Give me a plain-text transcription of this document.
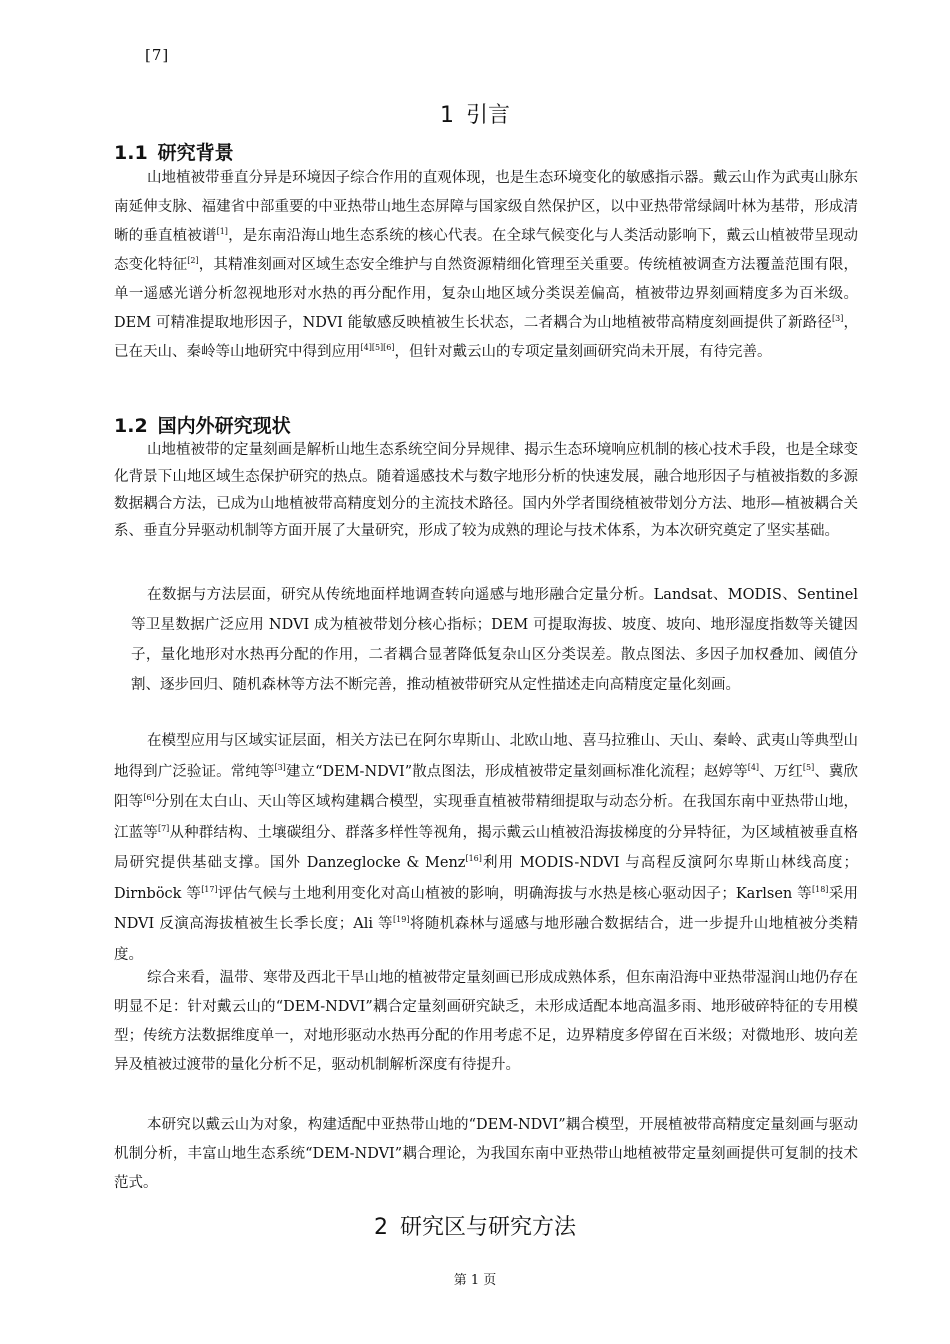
[7]
1 引言
1.1 研究背景

山地植被带垂直分异是环境因子综合作用的直观体现，也是生态环境变化的敏感指示器。戴云山作为武夷山脉东南延伸支脉、福建省中部重要的中亚热带山地生态屏障与国家级自然保护区，以中亚热带常绿阔叶林为基带，形成清晰的垂直植被谱[1]，是东南沿海山地生态系统的核心代表。在全球气候变化与人类活动影响下，戴云山植被带呈现动态变化特征[2]，其精准刻画对区域生态安全维护与自然资源精细化管理至关重要。传统植被调查方法覆盖范围有限，单一遥感光谱分析忽视地形对水热的再分配作用，复杂山地区域分类误差偏高，植被带边界刻画精度多为百米级。DEM 可精准提取地形因子，NDVI 能敏感反映植被生长状态，二者耦合为山地植被带高精度刻画提供了新路径[3]，已在天山、秦岭等山地研究中得到应用[4][5][6]，但针对戴云山的专项定量刻画研究尚未开展，有待完善。

1.2 国内外研究现状

山地植被带的定量刻画是解析山地生态系统空间分异规律、揭示生态环境响应机制的核心技术手段，也是全球变化背景下山地区域生态保护研究的热点。随着遥感技术与数字地形分析的快速发展，融合地形因子与植被指数的多源数据耦合方法，已成为山地植被带高精度划分的主流技术路径。国内外学者围绕植被带划分方法、地形—植被耦合关系、垂直分异驱动机制等方面开展了大量研究，形成了较为成熟的理论与技术体系，为本次研究奠定了坚实基础。

在数据与方法层面，研究从传统地面样地调查转向遥感与地形融合定量分析。Landsat、MODIS、Sentinel 等卫星数据广泛应用 NDVI 成为植被带划分核心指标；DEM 可提取海拔、坡度、坡向、地形湿度指数等关键因子，量化地形对水热再分配的作用，二者耦合显著降低复杂山区分类误差。散点图法、多因子加权叠加、阈值分割、逐步回归、随机森林等方法不断完善，推动植被带研究从定性描述走向高精度定量化刻画。

在模型应用与区域实证层面，相关方法已在阿尔卑斯山、北欧山地、喜马拉雅山、天山、秦岭、武夷山等典型山地得到广泛验证。常纯等[3]建立“DEM-NDVI”散点图法，形成植被带定量刻画标准化流程；赵婷等[4]、万红[5]、冀欣阳等[6]分别在太白山、天山等区域构建耦合模型，实现垂直植被带精细提取与动态分析。在我国东南中亚热带山地，江蓝等[7]从种群结构、土壤碳组分、群落多样性等视角，揭示戴云山植被沿海拔梯度的分异特征，为区域植被垂直格局研究提供基础支撑。国外 Danzeglocke & Menz[16]利用 MODIS-NDVI 与高程反演阿尔卑斯山林线高度；Dirnböck 等[17]评估气候与土地利用变化对高山植被的影响，明确海拔与水热是核心驱动因子；Karlsen 等[18]采用 NDVI 反演高海拔植被生长季长度；Ali 等[19]将随机森林与遥感与地形融合数据结合，进一步提升山地植被分类精度。

综合来看，温带、寒带及西北干旱山地的植被带定量刻画已形成成熟体系，但东南沿海中亚热带湿润山地仍存在明显不足：针对戴云山的“DEM-NDVI”耦合定量刻画研究缺乏，未形成适配本地高温多雨、地形破碎特征的专用模型；传统方法数据维度单一，对地形驱动水热再分配的作用考虑不足，边界精度多停留在百米级；对微地形、坡向差异及植被过渡带的量化分析不足，驱动机制解析深度有待提升。

本研究以戴云山为对象，构建适配中亚热带山地的“DEM-NDVI”耦合模型，开展植被带高精度定量刻画与驱动机制分析，丰富山地生态系统“DEM-NDVI”耦合理论，为我国东南中亚热带山地植被带定量刻画提供可复制的技术范式。

2 研究区与研究方法
第 1 页
